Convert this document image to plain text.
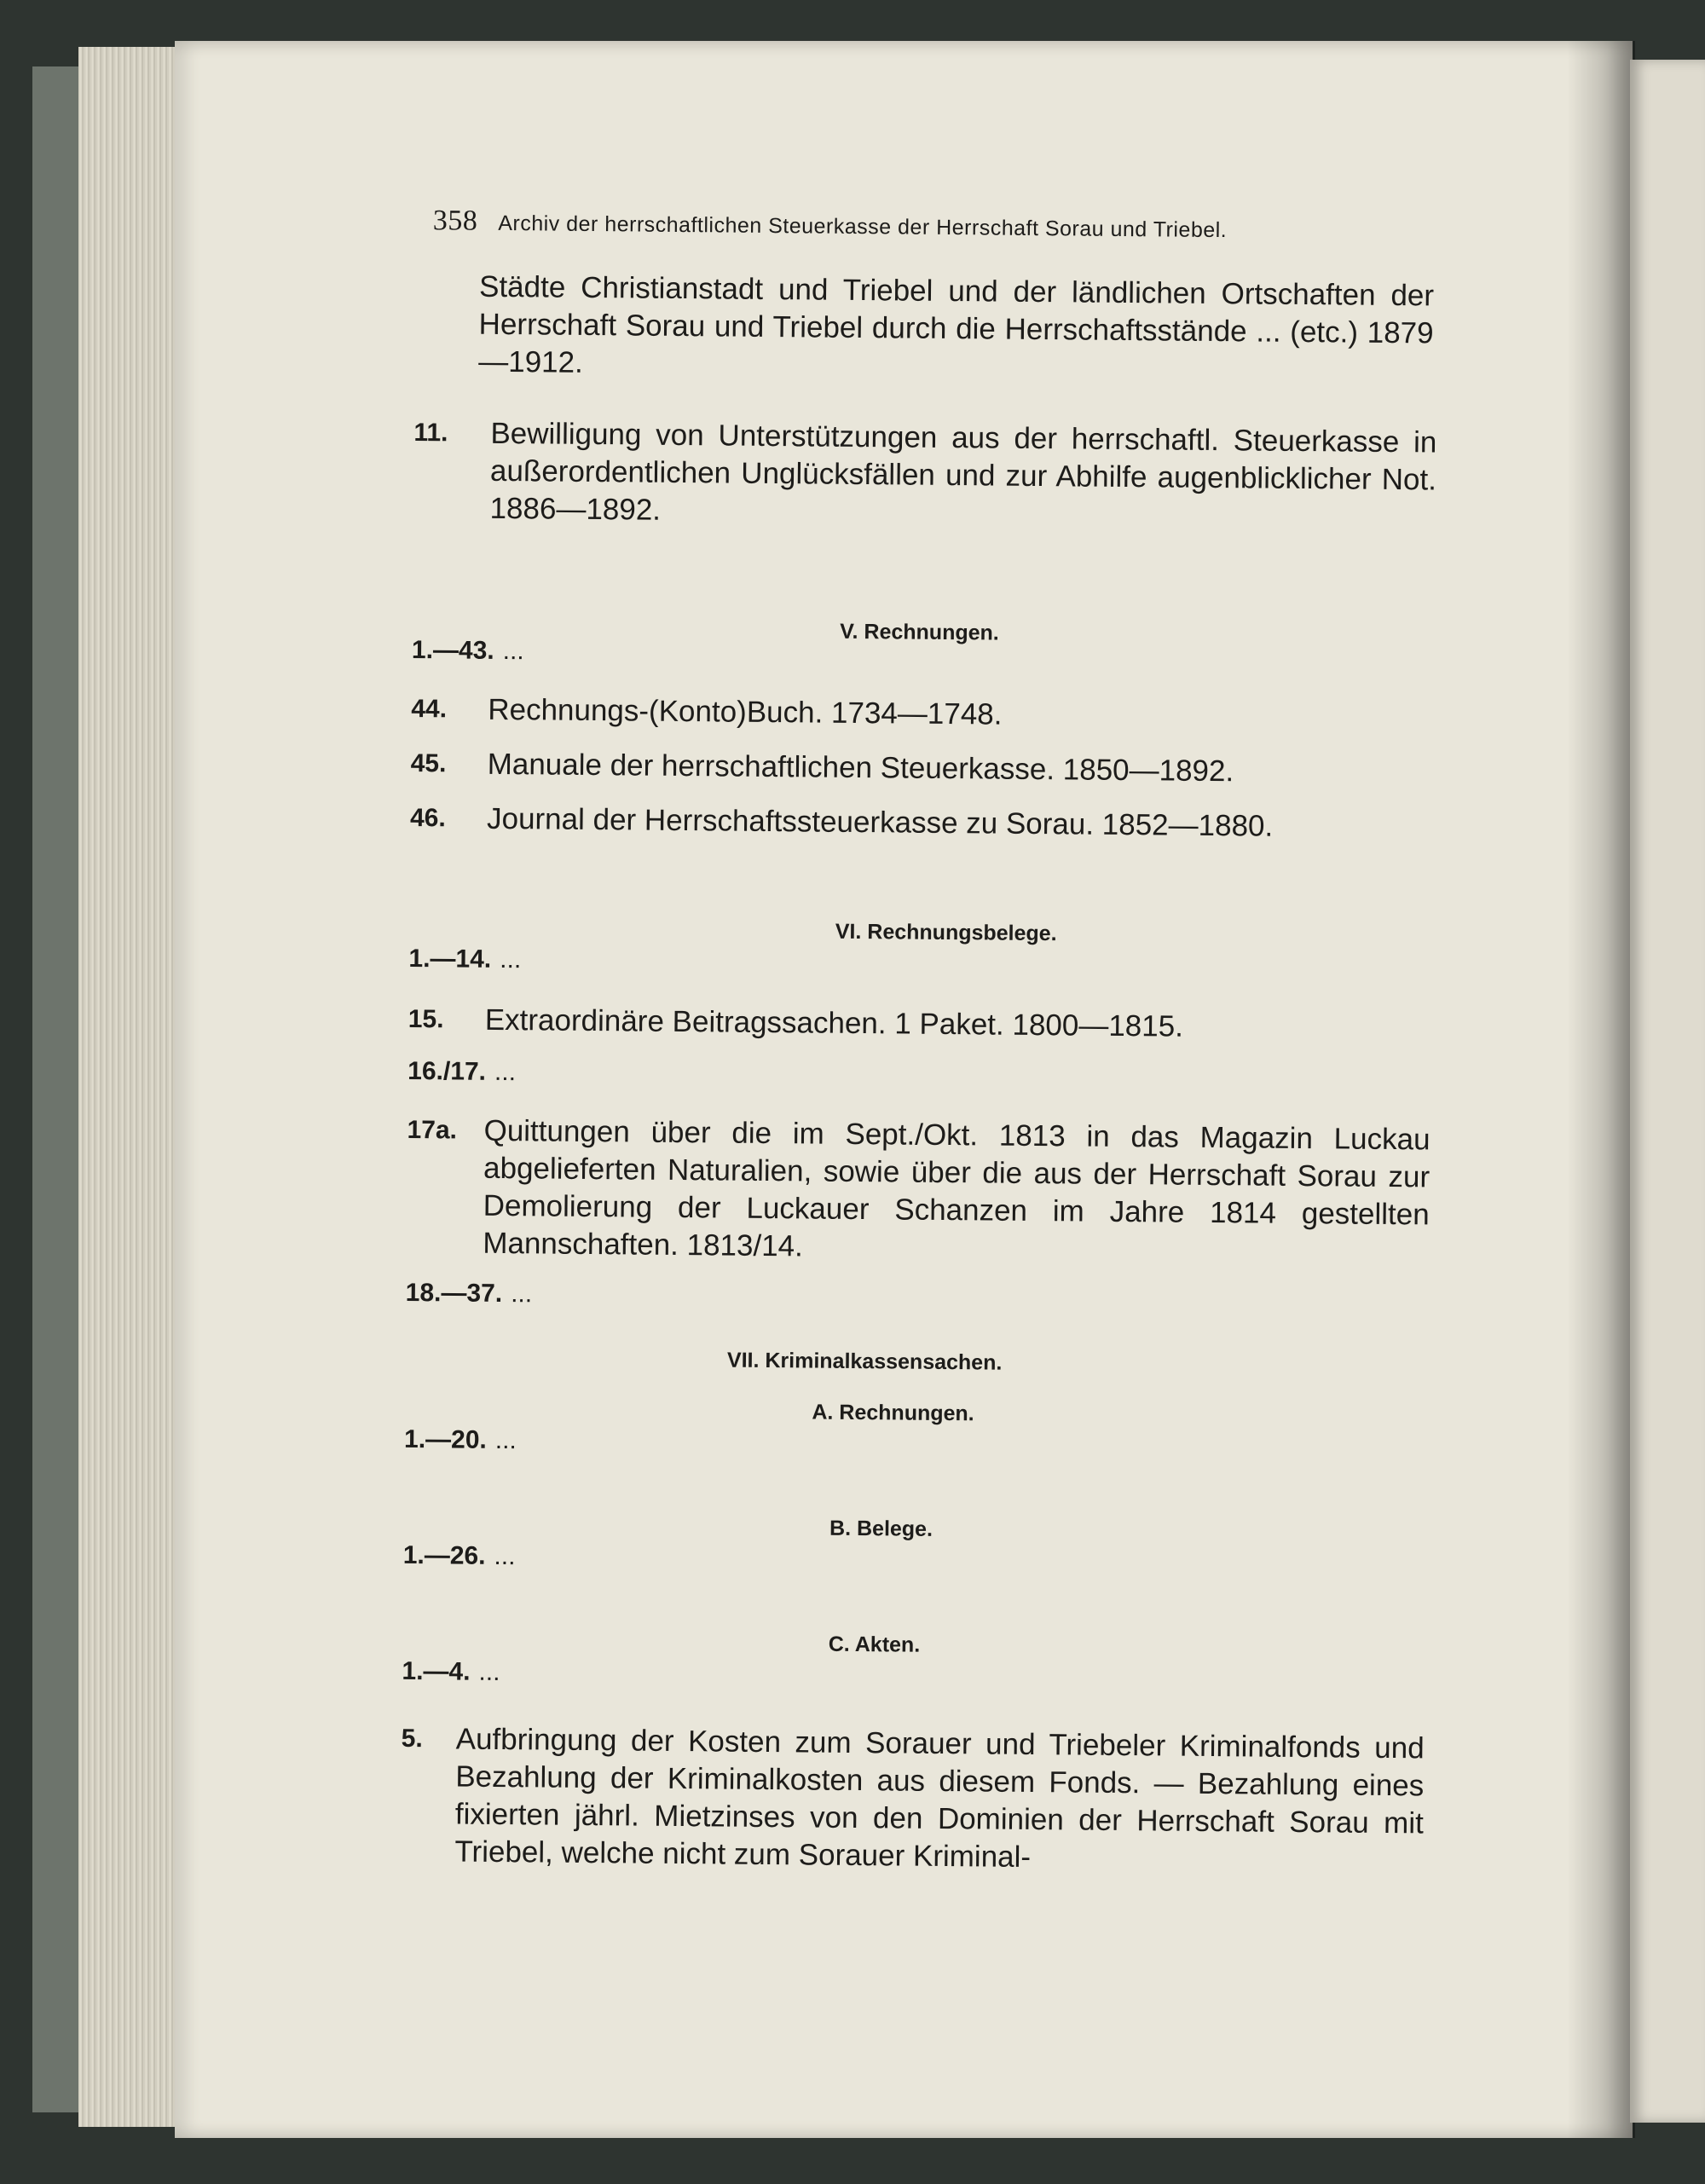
358 Archiv der herrschaftlichen Steuerkasse der Herrschaft Sorau und Triebel.
Städte Christianstadt und Triebel und der ländlichen Ortschaften der Herrschaft Sorau und Triebel durch die Herrschaftsstände ... (etc.) 1879—1912.
11. Bewilligung von Unterstützungen aus der herrschaftl. Steuerkasse in außerordentlichen Unglücksfällen und zur Abhilfe augenblicklicher Not. 1886—1892.
V. Rechnungen.
1.—43. ...
44. Rechnungs-(Konto)Buch. 1734—1748.
45. Manuale der herrschaftlichen Steuerkasse. 1850—1892.
46. Journal der Herrschaftssteuerkasse zu Sorau. 1852—1880.
VI. Rechnungsbelege.
1.—14. ...
15. Extraordinäre Beitragssachen. 1 Paket. 1800—1815.
16./17. ...
17a. Quittungen über die im Sept./Okt. 1813 in das Magazin Luckau abgelieferten Naturalien, sowie über die aus der Herrschaft Sorau zur Demolierung der Luckauer Schanzen im Jahre 1814 gestellten Mannschaften. 1813/14.
18.—37. ...
VII. Kriminalkassensachen.
A. Rechnungen.
1.—20. ...
B. Belege.
1.—26. ...
C. Akten.
1.—4. ...
5. Aufbringung der Kosten zum Sorauer und Triebeler Kriminalfonds und Bezahlung der Kriminalkosten aus diesem Fonds. — Bezahlung eines fixierten jährl. Mietzinses von den Dominien der Herrschaft Sorau mit Triebel, welche nicht zum Sorauer Kriminal-
